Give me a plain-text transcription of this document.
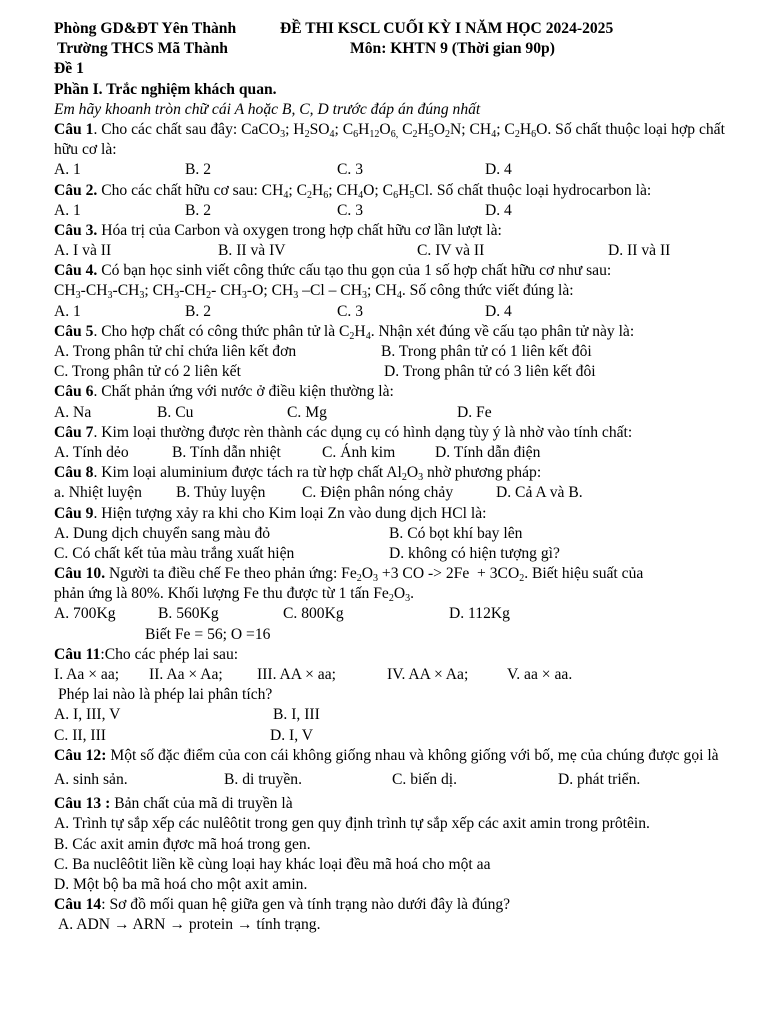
Phòng GD&ĐT Yên Thành	ĐỀ THI KSCL CUỐI KỲ I NĂM HỌC 2024-2025
Trường THCS Mã Thành	Môn: KHTN 9 (Thời gian 90p)
Đề 1
Phần I. Trắc nghiệm khách quan.
Em hãy khoanh tròn chữ cái A hoặc B, C, D trước đáp án đúng nhất
Câu 1. Cho các chất sau đây: CaCO$_3$; $H_2SO_4$; $C_6H_{12}O_{6,}$ $C_2H_5O_2N$; $CH_4$; $C_2H_6O$. Số chất thuộc loại hợp chất hữu cơ là:
A. 1	B. 2	C. 3	D. 4
Câu 2. Cho các chất hữu cơ sau: $CH_4$; $C_2H_6$; $CH_4O$; $C_6H_5Cl$. Số chất thuộc loại hydrocarbon là:
A. 1	B. 2	C. 3	D. 4
Câu 3. Hóa trị của Carbon và oxygen trong hợp chất hữu cơ lần lượt là:
A. I và II	B. II và IV	C. IV và II	D. II và II
Câu 4. Có bạn học sinh viết công thức cấu tạo thu gọn của 1 số hợp chất hữu cơ như sau:
$CH_3-CH_3-CH_3$; $CH_3-CH_2-$ $CH_3-O$; $CH_3$ $-Cl - CH_3$; $CH_4$. Số công thức viết đúng là:
A. 1	B. 2	C. 3	D. 4
Câu 5. Cho hợp chất có công thức phân tử là $C_2H_4$. Nhận xét đúng về cấu tạo phân tử này là:
A. Trong phân tử chỉ chứa liên kết đơn	B. Trong phân tử có 1 liên kết đôi
C. Trong phân tử có 2 liên kết	D. Trong phân tử có 3 liên kết đôi
Câu 6. Chất phản ứng với nước ở điều kiện thường là:
A. Na	B. Cu	C. Mg	D. Fe
Câu 7. Kim loại thường được rèn thành các dụng cụ có hình dạng tùy ý là nhờ vào tính chất:
A. Tính dẻo	B. Tính dẫn nhiệt	C. Ánh kim	D. Tính dẫn điện
Câu 8. Kim loại aluminium được tách ra từ hợp chất $Al_2O_3$ nhờ phương pháp:
a. Nhiệt luyện B. Thủy luyện C. Điện phân nóng chảy	D. Cả A và B.
Câu 9. Hiện tượng xảy ra khi cho Kim loại Zn vào dung dịch HCl là:
A. Dung dịch chuyển sang màu đỏ	B. Có bọt khí bay lên
C. Có chất kết tủa màu trắng xuất hiện	D. không có hiện tượng gì?
Câu 10. Người ta điều chế Fe theo phản ứng: $Fe_2O_3 +3$ CO -> $2Fe + 3CO_2$. Biết hiệu suất của
phản ứng là 80%. Khối lượng Fe thu được từ 1 tấn $Fe_2O_3$.
A. 700Kg	B. 560Kg	C. 800Kg	D. 112Kg
Biết Fe = 56; O =16
Câu 11:Cho các phép lai sau:
I. Aa × aa; II. Aa × Aa; III. AA × aa;	IV. AA × Aa; V. aa × aa.
Phép lai nào là phép lai phân tích?
A. I, III, V	B. I, III
C. II, III	D. I, V
Câu 12: Một số đặc điểm của con cái không giống nhau và không giống với bố, mẹ của chúng được gọi là
A. sinh sản.	B. di truyền.	C. biến dị.	D. phát triển.
Câu 13 : Bản chất của mã di truyền là
A. Trình tự sắp xếp các nulêôtit trong gen quy định trình tự sắp xếp các axit amin trong prôtêin.
B. Các axit amin đựơc mã hoá trong gen.
C. Ba nuclêôtit liền kề cùng loại hay khác loại đều mã hoá cho một aa
D. Một bộ ba mã hoá cho một axit amin.
Câu 14: Sơ đồ mối quan hệ giữa gen và tính trạng nào dưới đây là đúng?
A. ADN → ARN → protein → tính trạng.
